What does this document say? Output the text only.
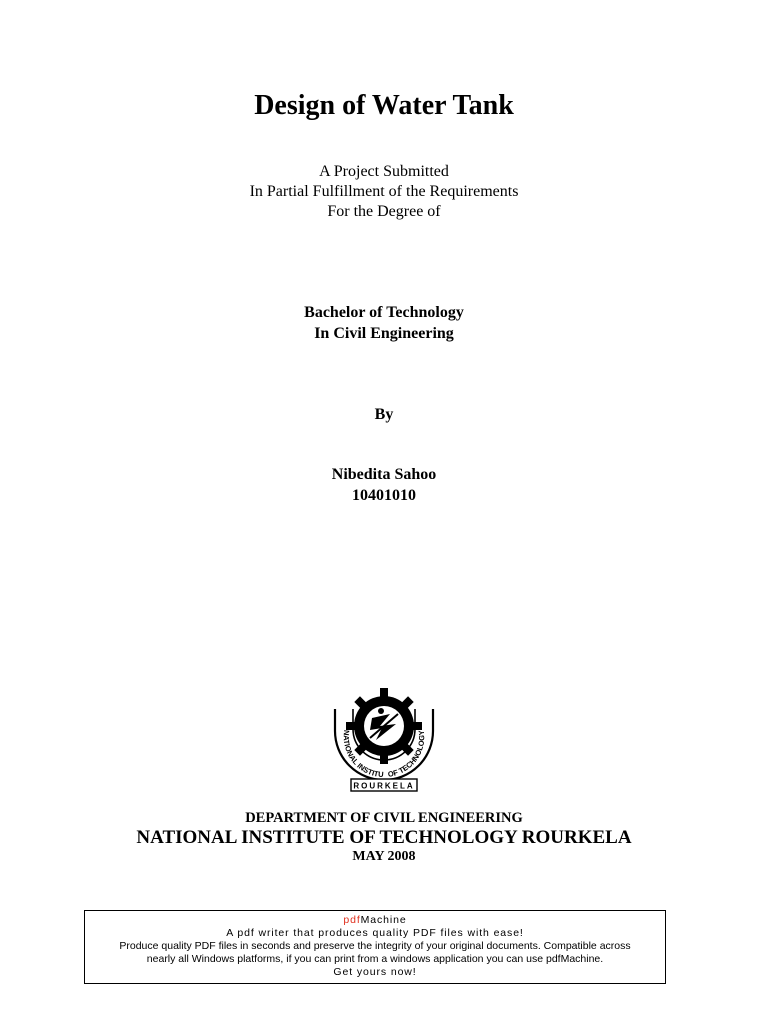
Design of Water Tank
A Project Submitted
In Partial Fulfillment of the Requirements
For the Degree of
Bachelor of Technology
In Civil Engineering
By
Nibedita Sahoo
10401010
NATIONAL INSTITU OF TECHNOLOGY
ROURKELA
DEPARTMENT OF CIVIL ENGINEERING
NATIONAL INSTITUTE OF TECHNOLOGY ROURKELA
MAY 2008
pdfMachine
A pdf writer that produces quality PDF files with ease!
Produce quality PDF files in seconds and preserve the integrity of your original documents. Compatible across
nearly all Windows platforms, if you can print from a windows application you can use pdfMachine.
Get yours now!
